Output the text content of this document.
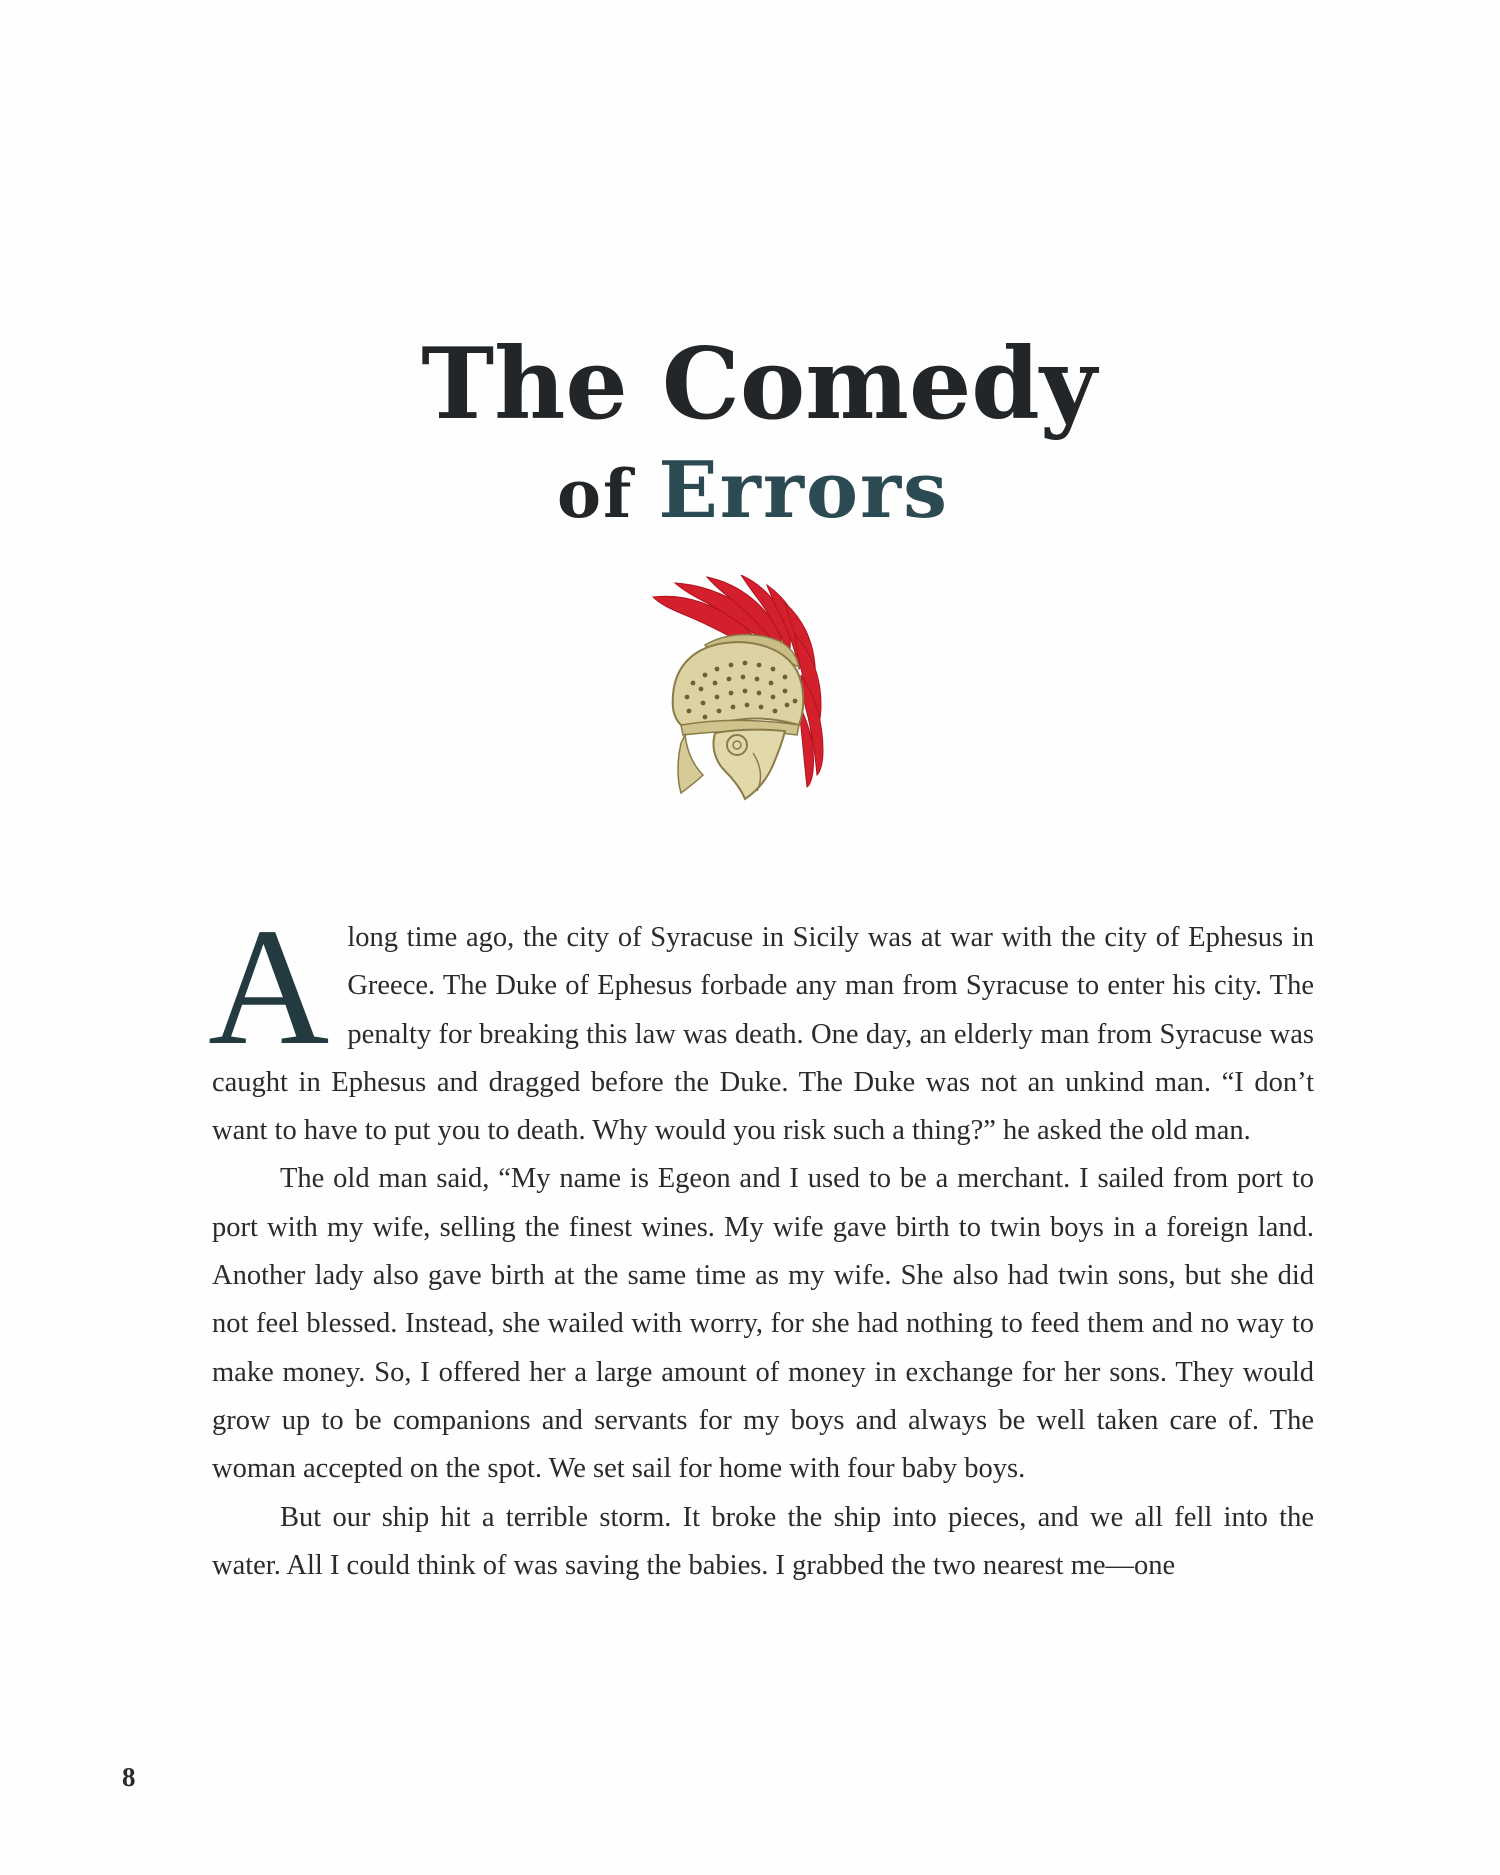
The Comedy
of Errors

A long time ago, the city of Syracuse in Sicily was at war with the city of Ephesus in Greece. The Duke of Ephesus forbade any man from Syracuse to enter his city. The penalty for breaking this law was death. One day, an elderly man from Syracuse was caught in Ephesus and dragged before the Duke. The Duke was not an unkind man. “I don’t want to have to put you to death. Why would you risk such a thing?” he asked the old man.

The old man said, “My name is Egeon and I used to be a merchant. I sailed from port to port with my wife, selling the finest wines. My wife gave birth to twin boys in a foreign land. Another lady also gave birth at the same time as my wife. She also had twin sons, but she did not feel blessed. Instead, she wailed with worry, for she had nothing to feed them and no way to make money. So, I offered her a large amount of money in exchange for her sons. They would grow up to be companions and servants for my boys and always be well taken care of. The woman accepted on the spot. We set sail for home with four baby boys.

But our ship hit a terrible storm. It broke the ship into pieces, and we all fell into the water. All I could think of was saving the babies. I grabbed the two nearest me—one

8
